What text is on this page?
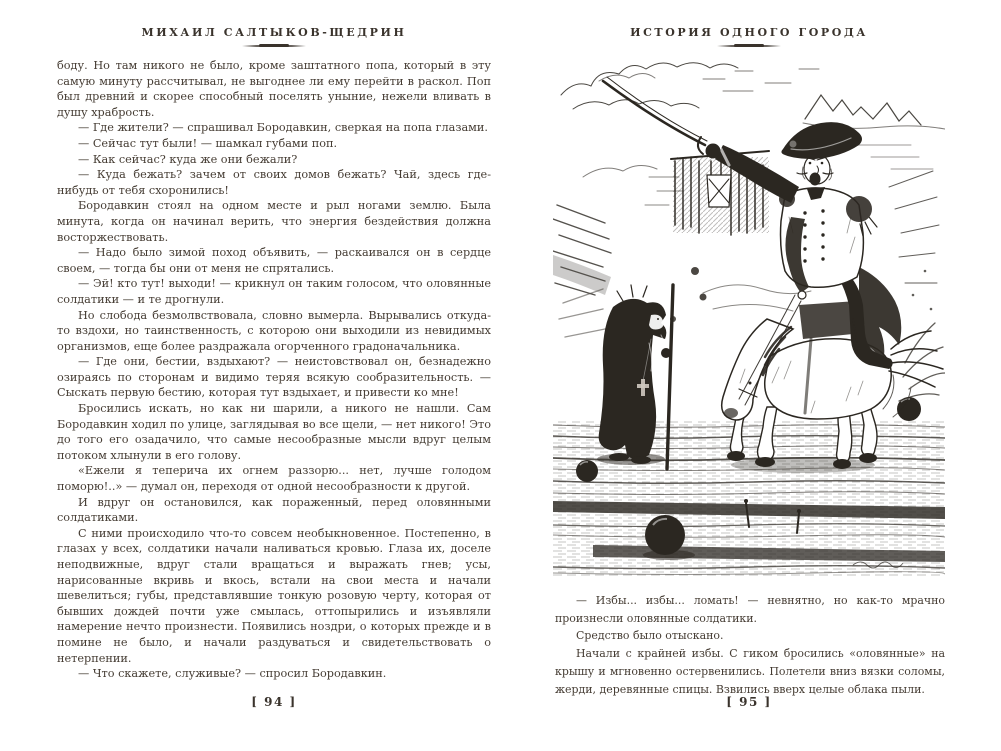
МИХАИЛ САЛТЫКОВ-ЩЕДРИН

боду. Но там никого не было, кроме заштатного попа, который в эту самую минуту рассчитывал, не выгоднее ли ему перейти в раскол. Поп был древний и скорее способный поселять уныние, нежели вливать в душу храбрость.

— Где жители? — спрашивал Бородавкин, сверкая на попа глазами.

— Сейчас тут были! — шамкал губами поп.

— Как сейчас? куда же они бежали?

— Куда бежать? зачем от своих домов бежать? Чай, здесь где-нибудь от тебя схоронились!

Бородавкин стоял на одном месте и рыл ногами землю. Была минута, когда он начинал верить, что энергия бездействия должна восторжествовать.

— Надо было зимой поход объявить, — раскаивался он в сердце своем, — тогда бы они от меня не спрятались.

— Эй! кто тут! выходи! — крикнул он таким голосом, что оловянные солдатики — и те дрогнули.

Но слобода безмолвствовала, словно вымерла. Вырывались откуда-то вздохи, но таинственность, с которою они выходили из невидимых организмов, еще более раздражала огорченного градоначальника.

— Где они, бестии, вздыхают? — неистовствовал он, безнадежно озираясь по сторонам и видимо теряя всякую сообразительность. — Сыскать первую бестию, которая тут вздыхает, и привести ко мне!

Бросились искать, но как ни шарили, а никого не нашли. Сам Бородавкин ходил по улице, заглядывая во все щели, — нет никого! Это до того его озадачило, что самые несообразные мысли вдруг целым потоком хлынули в его голову.

«Ежели я теперича их огнем раззорю... нет, лучше голодом поморю!..» — думал он, переходя от одной несообразности к другой.

И вдруг он остановился, как пораженный, перед оловянными солдатиками.

С ними происходило что-то совсем необыкновенное. Постепенно, в глазах у всех, солдатики начали наливаться кровью. Глаза их, доселе неподвижные, вдруг стали вращаться и выражать гнев; усы, нарисованные вкривь и вкось, встали на свои места и начали шевелиться; губы, представлявшие тонкую розовую черту, которая от бывших дождей почти уже смылась, оттопырились и изъявляли намерение нечто произнести. Появились ноздри, о которых прежде и в помине не было, и начали раздуваться и свидетельствовать о нетерпении.

— Что скажете, служивые? — спросил Бородавкин.

[ 94 ]
ИСТОРИЯ ОДНОГО ГОРОДА

— Избы... избы... ломать! — невнятно, но как-то мрачно произнесли оловянные солдатики.

Средство было отыскано.

Начали с крайней избы. С гиком бросились «оловянные» на крышу и мгновенно остервенились. Полетели вниз вязки соломы, жерди, деревянные спицы. Взвились вверх целые облака пыли.

[ 95 ]
